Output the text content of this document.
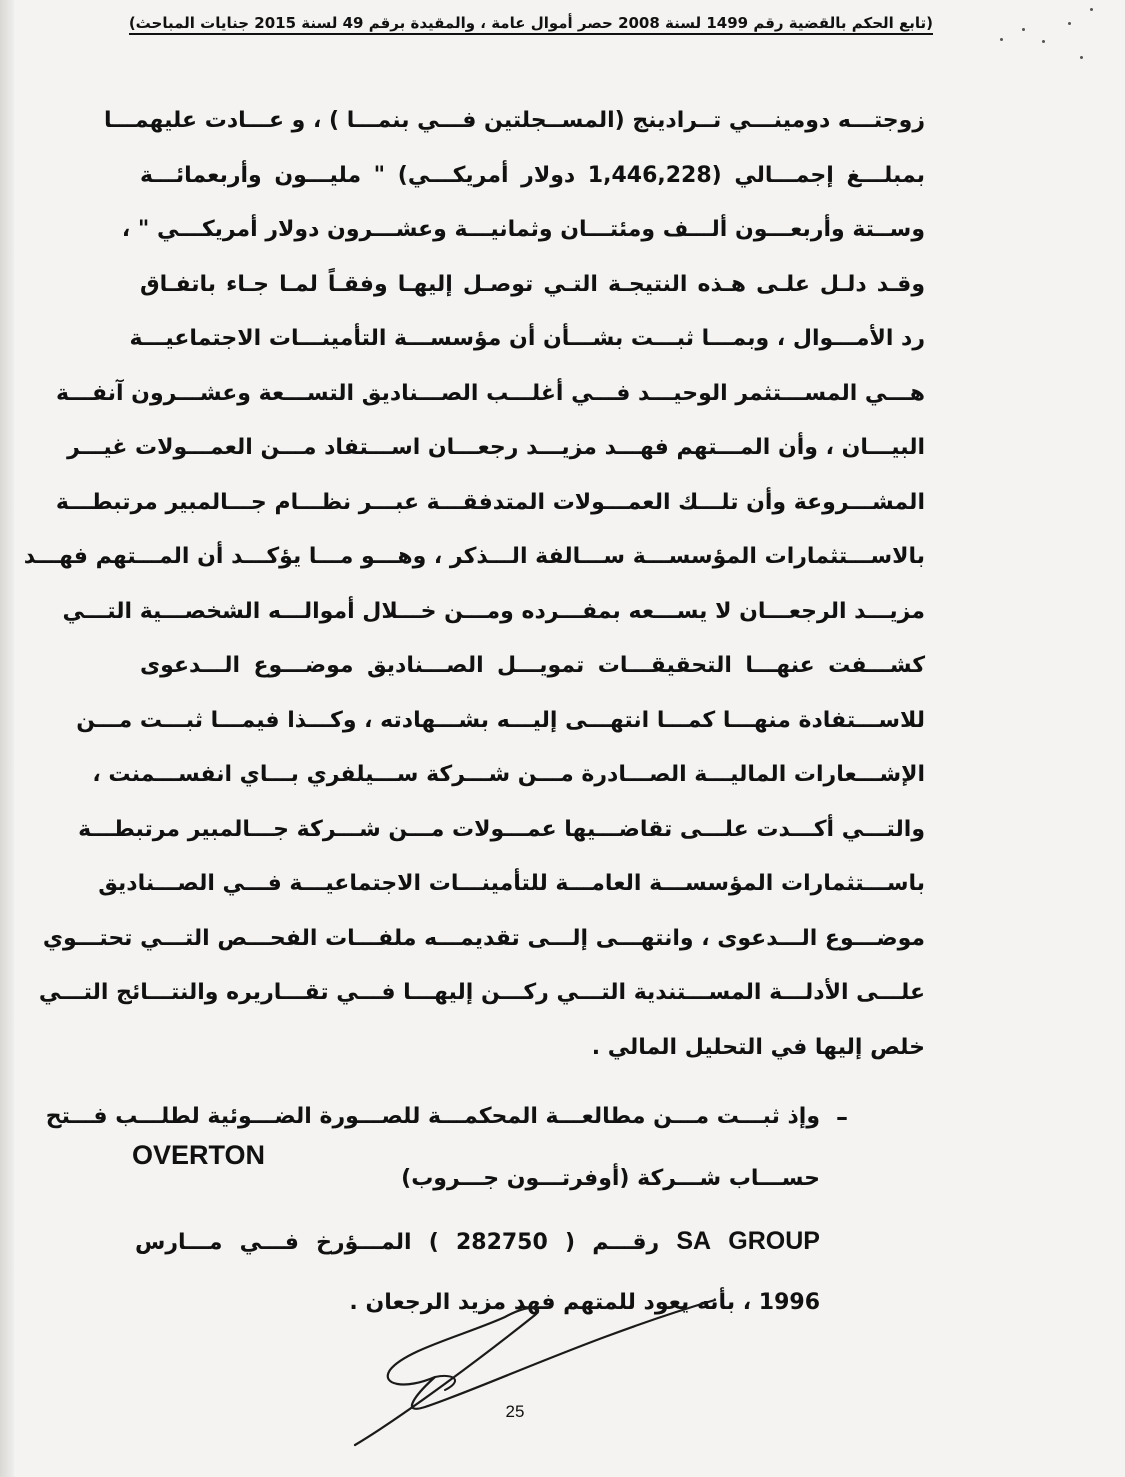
(تابع الحكم بالقضية رقم 1499 لسنة 2008 حصر أموال عامة ، والمقيدة برقم 49 لسنة 2015 جنايات المباحث)
زوجتـــه دومينـــي تــرادينج (المســجلتين فـــي بنمـــا ) ، و عـــادت عليهمـــا
بمبلـــغ إجمـــالي (1,446,228 دولار أمريكـــي) " مليـــون وأربعمائـــة
وســتة وأربعـــون ألـــف ومئتـــان وثمانيـــة وعشـــرون دولار أمريكـــي " ،
وقـد دلـل علـى هـذه النتيجـة التـي توصـل إليهـا وفقـاً لمـا جـاء باتفـاق
رد الأمـــوال ، وبمـــا ثبـــت بشـــأن أن مؤسســـة التأمينـــات الاجتماعيـــة
هـــي المســـتثمر الوحيـــد فـــي أغلـــب الصـــناديق التســـعة وعشـــرون آنفـــة
البيـــان ، وأن المـــتهم فهـــد مزيـــد رجعـــان اســـتفاد مـــن العمـــولات غيـــر
المشـــروعة وأن تلـــك العمـــولات المتدفقـــة عبـــر نظـــام جـــالمبير مرتبطـــة
بالاســـتثمارات المؤسســـة ســـالفة الـــذكر ، وهـــو مـــا يؤكـــد أن المـــتهم فهـــد
مزيـــد الرجعـــان لا يســـعه بمفـــرده ومـــن خـــلال أموالـــه الشخصـــية التـــي
كشـــفت عنهـــا التحقيقـــات تمويـــل الصـــناديق موضـــوع الـــدعوى
للاســـتفادة منهـــا كمـــا انتهـــى إليـــه بشـــهادته ، وكـــذا فيمـــا ثبـــت مـــن
الإشـــعارات الماليـــة الصـــادرة مـــن شـــركة ســـيلفري بـــاي انفســـمنت ،
والتـــي أكـــدت علـــى تقاضـــيها عمـــولات مـــن شـــركة جـــالمبير مرتبطـــة
باســـتثمارات المؤسســـة العامـــة للتأمينـــات الاجتماعيـــة فـــي الصـــناديق
موضـــوع الـــدعوى ، وانتهـــى إلـــى تقديمـــه ملفـــات الفحـــص التـــي تحتـــوي
علـــى الأدلـــة المســـتندية التـــي ركـــن إليهـــا فـــي تقـــاريره والنتـــائج التـــي
خلص إليها في التحليل المالي .
–
وإذ ثبـــت مـــن مطالعـــة المحكمـــة للصـــورة الضـــوئية لطلـــب فـــتح
حســـاب شـــركة (أوفرتـــون جـــروب)
SA GROUP رقـــم ( 282750 ) المـــؤرخ فـــي مـــارس
1996 ، بأنه يعود للمتهم فهد مزيد الرجعان .
OVERTON
25
